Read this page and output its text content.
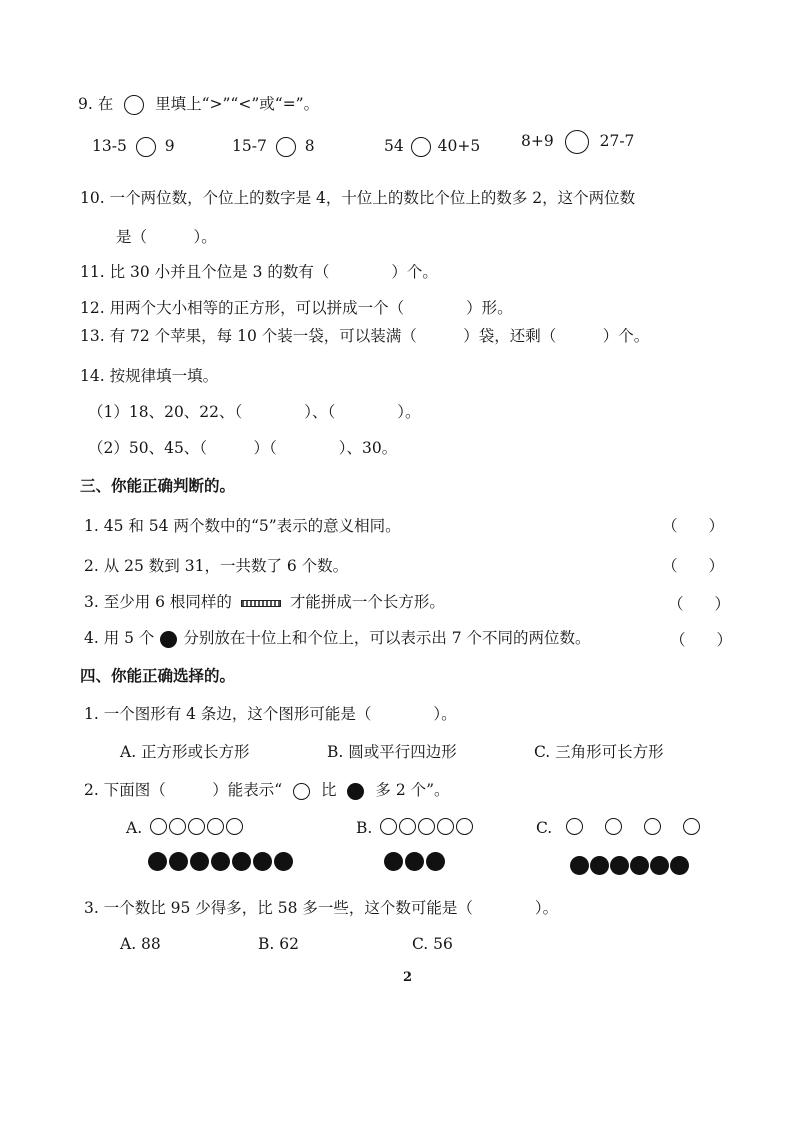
9. 在	里填上“>”“<”或“=”。
13-5 9	15-7 8	54 40+5	8+9	27-7
10. 一个两位数，个位上的数字是 4，十位上的数比个位上的数多 2，这个两位数
是（　　　）。
11. 比 30 小并且个位是 3 的数有（　　　　）个。
12. 用两个大小相等的正方形，可以拼成一个（　　　　）形。
13. 有 72 个苹果，每 10 个装一袋，可以装满（　　　）袋，还剩（　　　）个。
14. 按规律填一填。
（1）18、20、22、（　　　　）、（　　　　）。
（2）50、45、（　　　）（　　　　）、30。
三、你能正确判断的。
1. 45 和 54 两个数中的“5”表示的意义相同。	（　　）
2. 从 25 数到 31，一共数了 6 个数。	（　　）
3. 至少用 6 根同样的	才能拼成一个长方形。	（　　）
4. 用 5 个 分别放在十位上和个位上，可以表示出 7 个不同的两位数。	（　　）
四、你能正确选择的。
1. 一个图形有 4 条边，这个图形可能是（　　　　）。
A. 正方形或长方形	B. 圆或平行四边形	C. 三角形可长方形
2. 下面图（　　　）能表示“	比	多 2 个”。
A.	B.	C.
3. 一个数比 95 少得多，比 58 多一些，这个数可能是（　　　　）。
A. 88	B. 62	C. 56
2
